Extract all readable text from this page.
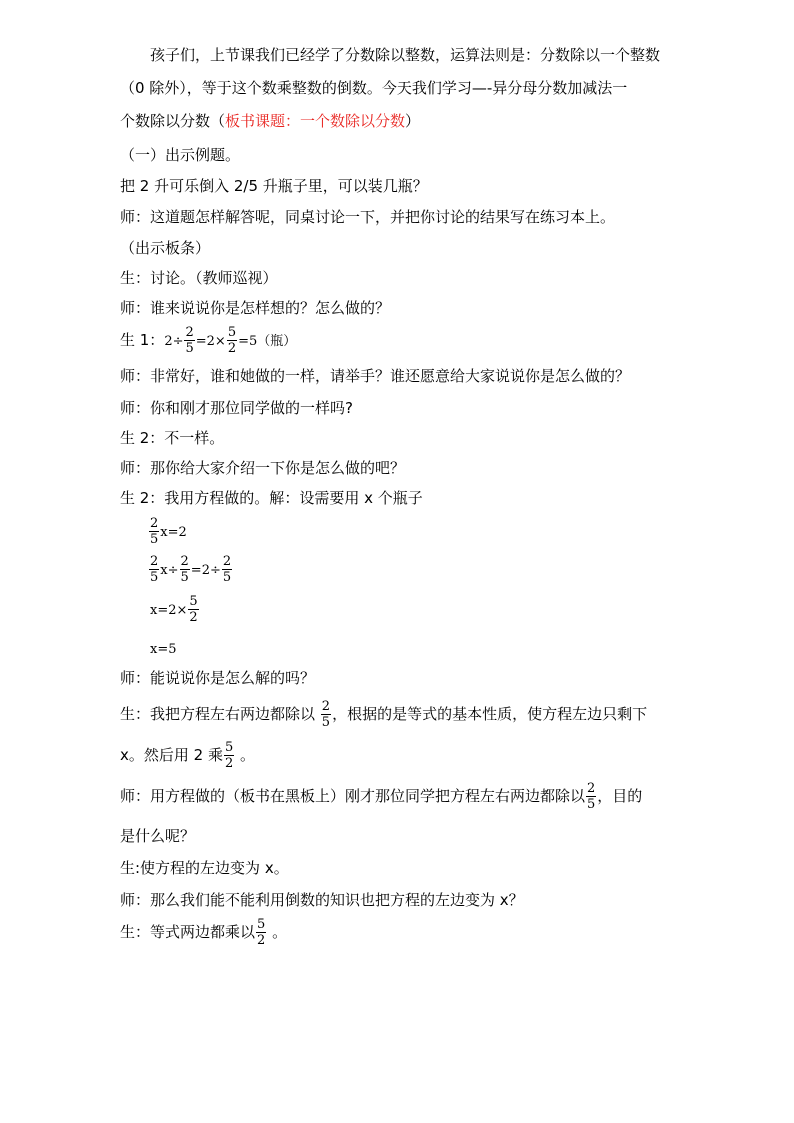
孩子们，上节课我们已经学了分数除以整数，运算法则是：分数除以一个整数
（0 除外），等于这个数乘整数的倒数。今天我们学习—-异分母分数加减法一
个数除以分数（板书课题：一个数除以分数）
（一）出示例题。
把 2 升可乐倒入 2/5 升瓶子里，可以装几瓶？
师：这道题怎样解答呢，同桌讨论一下，并把你讨论的结果写在练习本上。
（出示板条）
生：讨论。（教师巡视）
师：谁来说说你是怎样想的？怎么做的？
生 1：$2\div \frac{2}{5} =2\times \frac{5}{2} =5$（瓶）
师：非常好，谁和她做的一样，请举手？谁还愿意给大家说说你是怎么做的？
师：你和刚才那位同学做的一样吗?
生 2：不一样。
师：那你给大家介绍一下你是怎么做的吧？
生 2：我用方程做的。解：设需要用 x 个瓶子
$\frac{2}{5} x=2$
$\frac{2}{5} x\div \frac{2}{5} =2\div \frac{2}{5}$
$x=2\times \frac{5}{2}$
x=5
师：能说说你是怎么解的吗？
生：我把方程左右两边都除以 $\frac{2}{5}$ ，根据的是等式的基本性质，使方程左边只剩下
x。然后用 2 乘 $\frac{5}{2}$ 。
师：用方程做的（板书在黑板上）刚才那位同学把方程左右两边都除以 $\frac{2}{5}$ ，目的
是什么呢？
生:使方程的左边变为 x。
师：那么我们能不能利用倒数的知识也把方程的左边变为 x？
生：等式两边都乘以 $\frac{5}{2}$ 。
